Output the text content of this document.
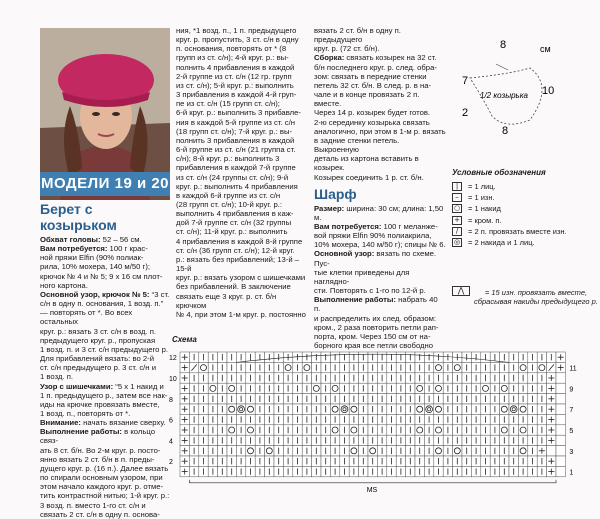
МОДЕЛИ 19 и 20
Берет с козырьком

Обхват головы: 52 – 56 см.

Вам потребуется: 100 г крас-

ной пряжи Elfin (90% полиак-

рила, 10% мохера, 140 м/50 г);

крючок № 4 и № 5; 9 х 16 см плот-

ного картона.

Основной узор, крючок № 5: “3 ст.

с/н в одну п. основания, 1 возд. п.”

— повторять от *. Во всех остальных

круг. р.: вязать 3 ст. с/н в возд. п.

предыдущего круг. р., пропуская

1 возд. п. и 3 ст. с/н предыдущего р.

Для прибавлений вязать: во 2-й

ст. с/н предыдущего р. 3 ст. с/н и

1 возд. п.

Узор с шишечками: “5 х 1 накид и

1 п. предыдущего р., затем все нак-

иды на крючке провязать вместе,

1 возд. п., повторять от *.

Внимание: начать вязание сверху.

Выполнение работы: в кольцо связ-

ать 8 ст. б/н. Во 2-м круг. р. посто-

янно вязать 2 ст. б/н в п. преды-

дущего круг. р. (16 п.). Далее вязать

по спирали основным узором, при

этом начало каждого круг. р. отме-

тить контрастной нитью; 1-й круг. р.:

3 возд. п. вместо 1-го ст. с/н и

связать 2 ст. с/н в одну п. основа-

ния, *1 возд. п., 1 п. предыдущего

круг. р. пропустить, 3 ст. с/н в одну

п. основания, повторять от * (8

групп из ст. с/н); 4-й круг. р.: вы-

полнить 4 прибавления в каждой

2-й группе из ст. с/н (12 гр. групп

из ст. с/н); 5-й круг. р.: выполнить

3 прибавления в каждой 4-й груп-

пе из ст. с/н (15 групп ст. с/н);

6-й круг. р.: выполнить 3 прибавле-

ния в каждой 5-й группе из ст. с/н

(18 групп ст. с/н); 7-й круг. р.: вы-

полнить 3 прибавления в каждой

6-й группе из ст. с/н (21 группа ст.

с/н); 8-й круг. р.: выполнить 3

прибавления в каждой 7-й группе

из ст. с/н (24 группы ст. с/н); 9-й

круг. р.: выполнить 4 прибавления

в каждой 6-й группе из ст. с/н

(28 групп ст. с/н); 10-й круг. р.:

выполнить 4 прибавления в каж-

дой 7-й группе ст. с/н (32 группы

ст. с/н); 11-й круг. р.: выполнить

4 прибавления в каждой 8-й группе

ст. с/н (36 групп ст. с/н); 12-й круг.

р.: вязать без прибавлений; 13-й – 15-й

круг. р.: вязать узором с шишечками

без прибавлений. В заключение

связать еще 3 круг. р. ст. б/н крючком

№ 4, при этом 1-м круг. р. постоянно

вязать 2 ст. б/н в одну п. предыдущего

круг. р. (72 ст. б/н).

Сборка: связать козырек на 32 ст.

б/н последнего круг. р. след. обра-

зом: связать в передние стенки

петель 32 ст. б/н. В след. р. в на-

чале и в конце провязать 2 п. вместе.

Через 14 р. козырек будет готов.

2-ю серединку козырька связать

аналогично, при этом в 1-м р. вязать

в задние стенки петель. Выкроенную

деталь из картона вставить в козырек.

Козырек соединить 1 р. ст. б/н.

Шарф

Размер: ширина: 30 см; длина: 1,50 м.

Вам потребуется: 100 г меланже-

вой пряжи Elfin 90% полиакрила,

10% мохера, 140 м/50 г); спицы № 6.

Основной узор: вязать по схеме. Пус-

тые клетки приведены для наглядно-

сти. Повторять с 1-го по 12-й р.

Выполнение работы: набрать 40 п.

и распределить их след. образом:

кром., 2 раза повторить петли рап-

порта, кром. Через 150 см от на-

борного края все петли свободно

8	см
7
10
2
8
1/2 козырька
Условные обозначения
|	= 1 лиц.
–	= 1 изн.
○ = 1 накид
+ = кром. п.
/	= 2 п. провязать вместе изн.
◎ = 2 накида и 1 лиц.
⋀	= 15 изн. провязать вместе, сбрасывая накиды предыдущего р.
Схема
12
11
10
9
8
7
6
5
4
3
2
1
MS
